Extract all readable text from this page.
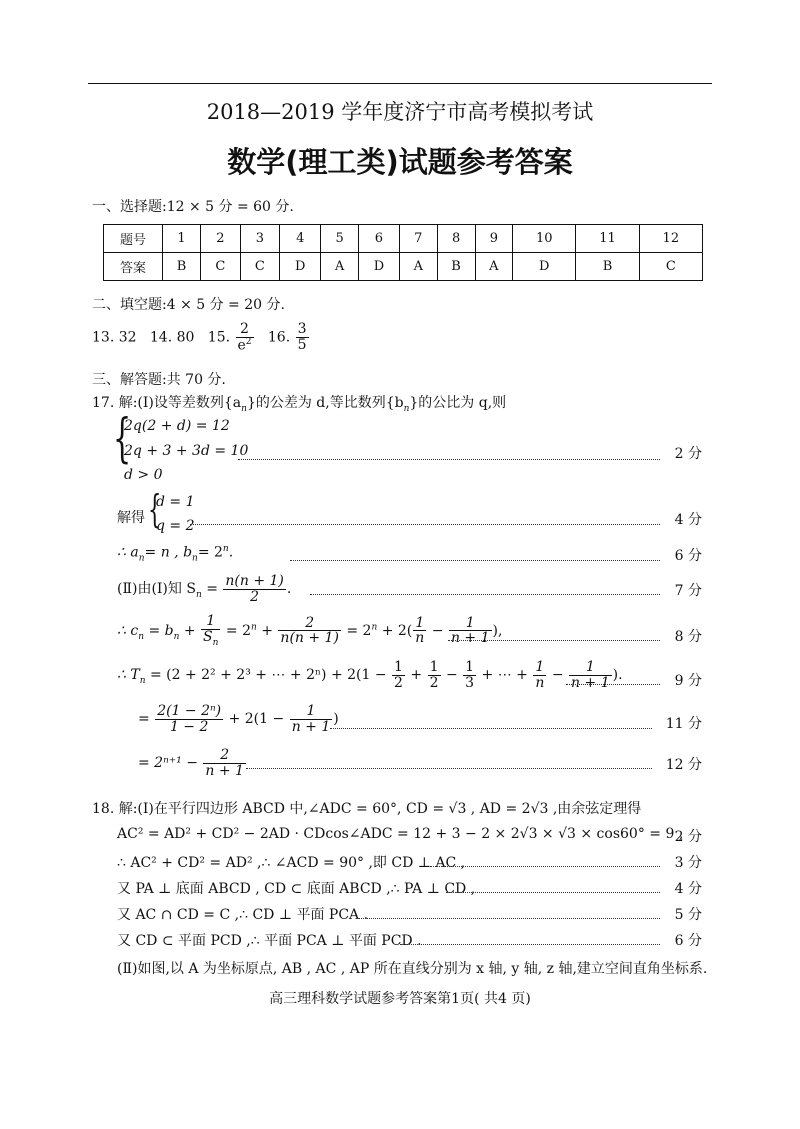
2018—2019 学年度济宁市高考模拟考试
数学(理工类)试题参考答案
一、选择题:12 × 5 分 = 60 分.
题号	1	2	3	4	5	6	7	8	9	10	11	12
答案	B	C	C	D	A	D	A	B	A	D	B	C
二、填空题:4 × 5 分 = 20 分.
13. 32 14. 80 15. $\frac{2}{e^2} 16$. $\frac{3}{5}$
三、解答题:共 70 分.
17. 解:(Ⅰ)设等差数列$\{a_n\}$的公差为 d,等比数列$\{b_n\}$的公比为 q,则
{
2q(2 + d) = 12
2q + 3 + 3d = 10
d > 0
2 分
解得 {
d = 1
q = 2	4 分
∴ $a_n= n$ , $b_n= 2^n$.	6 分
(Ⅱ)由(Ⅰ)知 $S_n = \frac{n(n + 1)}{2}$ .	7 分
∴ $c_n = b_n + \frac{1}{S_n} = 2^n + \frac{2}{n(n + 1)} = 2^n + 2( \frac{1}{n} - \frac{1}{n + 1}$ ),	8 分
∴ $T_n = (2 + 2^2 + 2^3$ + ⋯ + $2^n) + 2(1 - \frac{1}{2} + \frac{1}{2} - \frac{1}{3}$ + ⋯ + $\frac{1}{n} - \frac{1}{n + 1}$ ).	9 分
= $\frac{\text{2(1 − 2ⁿ)}}{1 - 2} + 2(1 - \frac{1}{n + 1}$ )	11 分
= $2^{n+1} - \frac{2}{n + 1}$	12 分
18. 解:(Ⅰ)在平行四边形 ABCD 中,∠ADC = 60°, CD = √3 , AD = 2√3 ,由余弦定理得
AC² = AD² + CD² − 2AD · CDcos∠ADC = 12 + 3 − 2 × 2√3 × √3 × cos60° = 9 ,
2 分
∴ AC² + CD² = AD² ,∴ ∠ACD = 90° ,即 CD ⊥ AC ,	3 分
又 PA ⊥ 底面 ABCD , CD ⊂ 底面 ABCD ,∴ PA ⊥ CD ,	4 分
又 AC ∩ CD = C ,∴ CD ⊥ 平面 PCA .	5 分
又 CD ⊂ 平面 PCD ,∴ 平面 PCA ⊥ 平面 PCD .	6 分
(Ⅱ)如图,以 A 为坐标原点, AB , AC , AP 所在直线分别为 x 轴, y 轴, z 轴,建立空间直角坐标系.
高三理科数学试题参考答案第1页( 共4 页)
